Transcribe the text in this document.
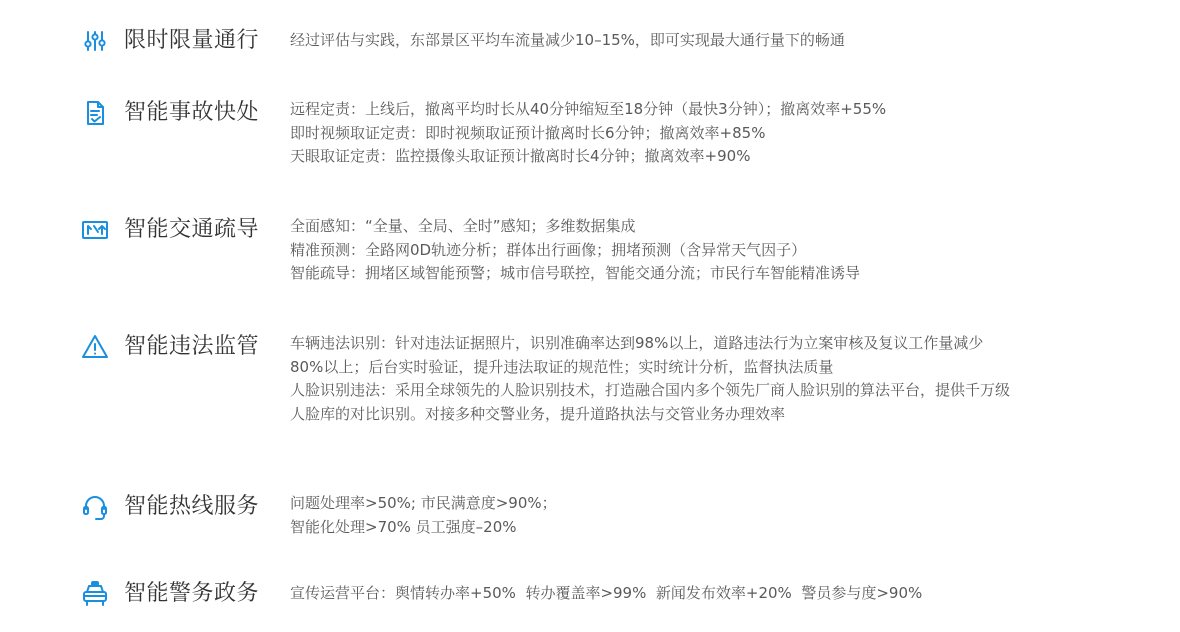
限时限量通行 经过评估与实践，东部景区平均车流量减少10–15%，即可实现最大通行量下的畅通
智能事故快处 远程定责：上线后，撤离平均时长从40分钟缩短至18分钟（最快3分钟）；撤离效率+55%
即时视频取证定责：即时视频取证预计撤离时长6分钟；撤离效率+85%
天眼取证定责：监控摄像头取证预计撤离时长4分钟；撤离效率+90%
智能交通疏导 全面感知：“全量、全局、全时”感知；多维数据集成
精准预测：全路网0D轨迹分析；群体出行画像；拥堵预测（含异常天气因子）
智能疏导：拥堵区域智能预警；城市信号联控，智能交通分流；市民行车智能精准诱导
智能违法监管 车辆违法识别：针对违法证据照片，识别准确率达到98%以上，道路违法行为立案审核及复议工作量减少
80%以上；后台实时验证，提升违法取证的规范性；实时统计分析，监督执法质量
人脸识别违法：采用全球领先的人脸识别技术，打造融合国内多个领先厂商人脸识别的算法平台，提供千万级
人脸库的对比识别。对接多种交警业务，提升道路执法与交管业务办理效率
智能热线服务 问题处理率>50%; 市民满意度>90%；
智能化处理>70% 员工强度–20%
智能警务政务 宣传运营平台：舆情转办率+50%  转办覆盖率>99%  新闻发布效率+20%  警员参与度>90%
